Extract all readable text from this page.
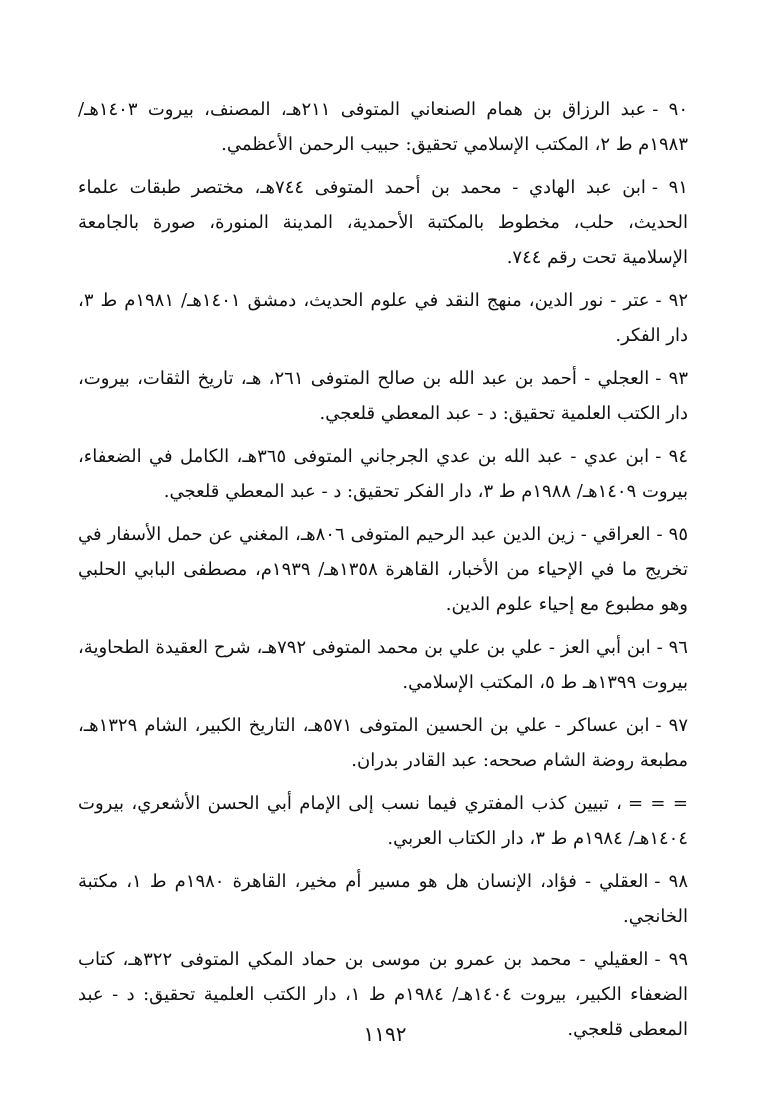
٩٠ -عبد الرزاق بن همام الصنعاني المتوفى ٢١١هـ، المصنف، بيروت ١٤٠٣هـ/ ١٩٨٣م ط ٢، المكتب الإسلامي تحقيق: حبيب الرحمن الأعظمي.

٩١ -ابن عبد الهادي - محمد بن أحمد المتوفى ٧٤٤هـ، مختصر طبقات علماء الحديث، حلب، مخطوط بالمكتبة الأحمدية، المدينة المنورة، صورة بالجامعة الإسلامية تحت رقم ٧٤٤.

٩٢ -عتر - نور الدين، منهج النقد في علوم الحديث، دمشق ١٤٠١هـ/ ١٩٨١م ط ٣، دار الفكر.

٩٣ -العجلي - أحمد بن عبد الله بن صالح المتوفى ٢٦١، هـ، تاريخ الثقات، بيروت، دار الكتب العلمية تحقيق: د - عبد المعطي قلعجي.

٩٤ -ابن عدي - عبد الله بن عدي الجرجاني المتوفى ٣٦٥هـ، الكامل في الضعفاء، بيروت ١٤٠٩هـ/ ١٩٨٨م ط ٣، دار الفكر تحقيق: د - عبد المعطي قلعجي.

٩٥ -العراقي - زين الدين عبد الرحيم المتوفى ٨٠٦هـ، المغني عن حمل الأسفار في تخريج ما في الإحياء من الأخبار، القاهرة ١٣٥٨هـ/ ١٩٣٩م، مصطفى البابي الحلبي وهو مطبوع مع إحياء علوم الدين.

٩٦ -ابن أبي العز - علي بن علي بن محمد المتوفى ٧٩٢هـ، شرح العقيدة الطحاوية، بيروت ١٣٩٩هـ ط ٥، المكتب الإسلامي.

٩٧ -ابن عساكر - علي بن الحسين المتوفى ٥٧١هـ، التاريخ الكبير، الشام ١٣٢٩هـ، مطبعة روضة الشام صححه: عبد القادر بدران.

= = =، تبيين كذب المفتري فيما نسب إلى الإمام أبي الحسن الأشعري، بيروت ١٤٠٤هـ/ ١٩٨٤م ط ٣، دار الكتاب العربي.

٩٨ -العقلي - فؤاد، الإنسان هل هو مسير أم مخير، القاهرة ١٩٨٠م ط ١، مكتبة الخانجي.

٩٩ -العقيلي - محمد بن عمرو بن موسى بن حماد المكي المتوفى ٣٢٢هـ، كتاب الضعفاء الكبير، بيروت ١٤٠٤هـ/ ١٩٨٤م ط ١، دار الكتب العلمية تحقيق: د - عبد المعطى قلعجي.

١١٩٢
